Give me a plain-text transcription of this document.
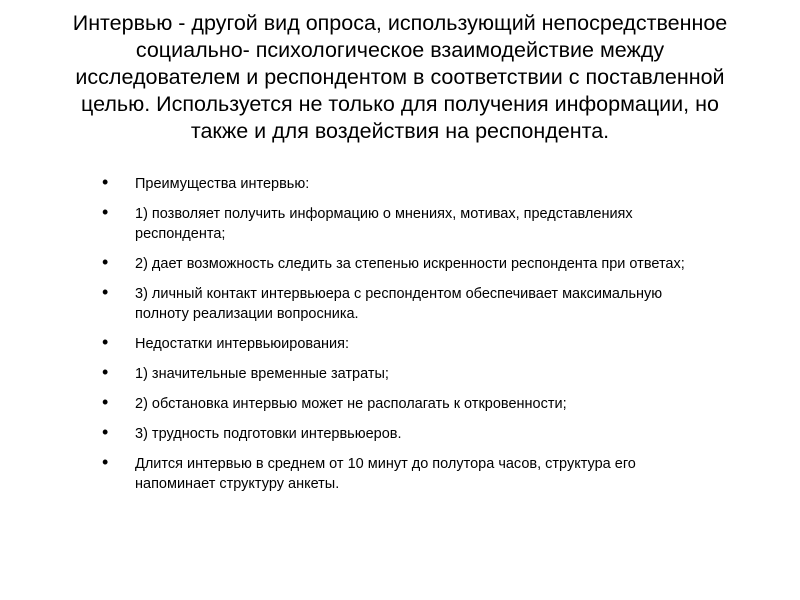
Интервью - другой вид опроса, использующий непосредственное социально- психологическое взаимодействие между исследователем и респондентом в соответствии с поставленной целью. Используется не только для получения информации, но также и для воздействия на респондента.
• Преимущества интервью:
• 1) позволяет получить информацию о мнениях, мотивах, представлениях респондента;
• 2) дает возможность следить за степенью искренности респондента при ответах;
• 3) личный контакт интервьюера с респондентом обеспечивает максимальную полноту реализации вопросника.
• Недостатки интервьюирования:
• 1) значительные временные затраты;
• 2) обстановка интервью может не располагать к откровенности;
• 3) трудность подготовки интервьюеров.
• Длится интервью в среднем от 10 минут до полутора часов, структура его напоминает структуру анкеты.
